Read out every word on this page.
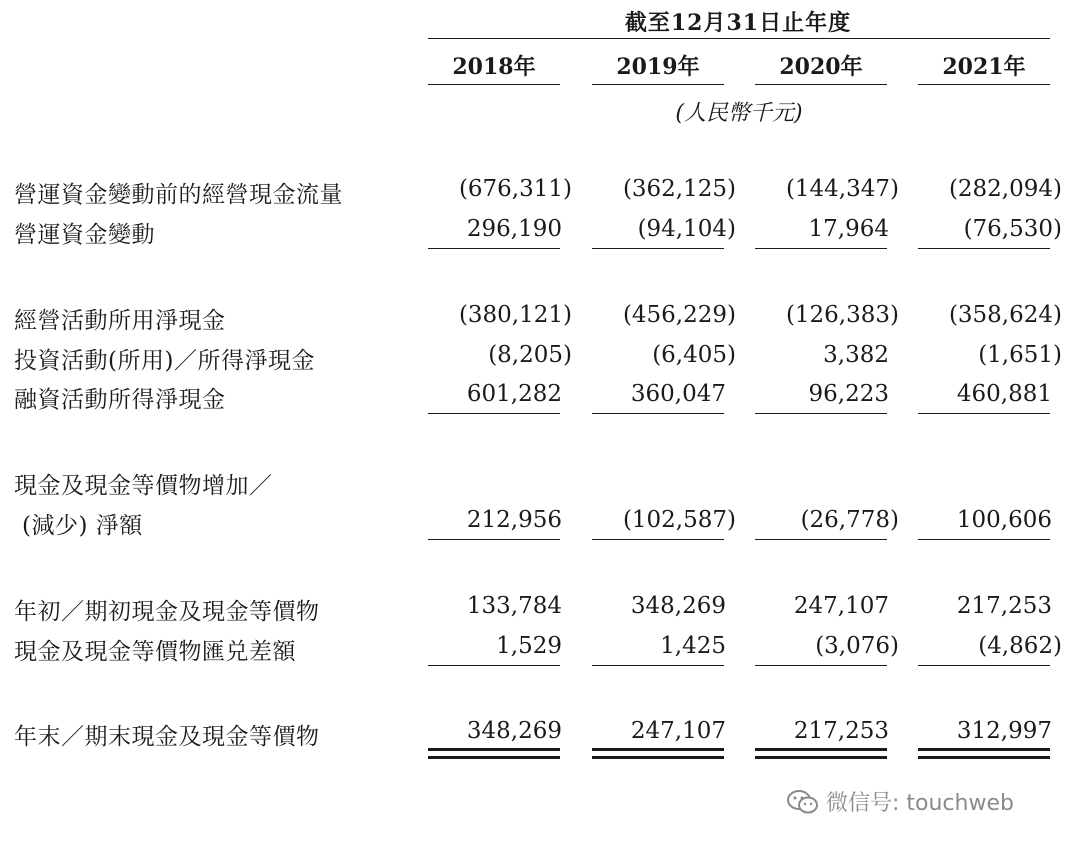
截至12月31日止年度
2018年	2019年	2020年	2021年
(人民幣千元)
營運資金變動前的經營現金流量	(676,311)	(362,125)	(144,347)	(282,094)
營運資金變動	296,190	(94,104)	17,964	(76,530)
經營活動所用淨現金	(380,121)	(456,229)	(126,383)	(358,624)
投資活動(所用)／所得淨現金	(8,205)	(6,405)	3,382	(1,651)
融資活動所得淨現金	601,282	360,047	96,223	460,881
現金及現金等價物增加／
(減少) 淨額	212,956	(102,587)	(26,778)	100,606
年初／期初現金及現金等價物	133,784	348,269	247,107	217,253
現金及現金等價物匯兑差額	1,529	1,425	(3,076)	(4,862)
年末／期末現金及現金等價物	348,269	247,107	217,253	312,997
微信号: touchweb
